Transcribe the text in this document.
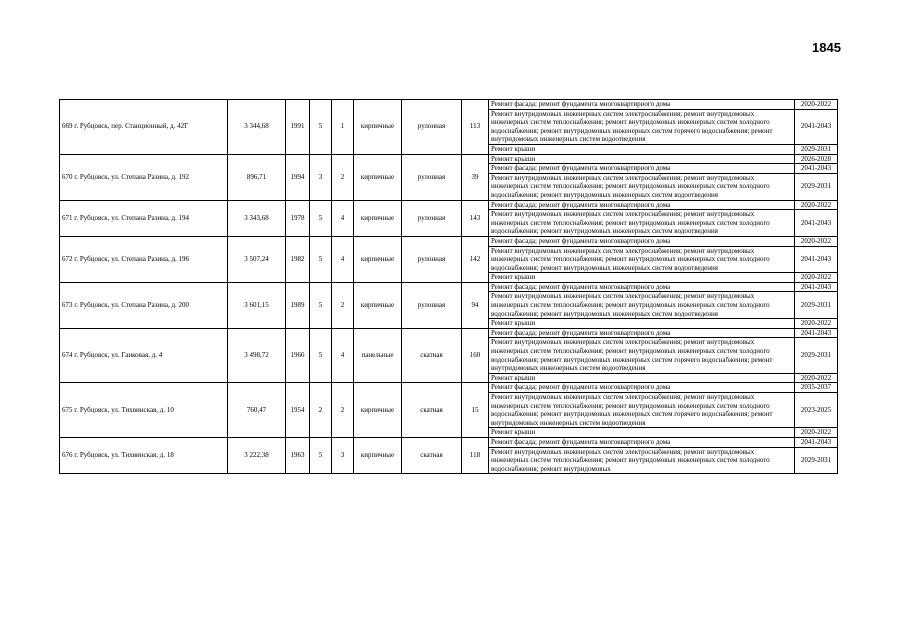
1845
669 г. Рубцовск, пер. Станционный, д. 42Г	3 344,68	1991	5	1	кирпичные	рулонная	113	Ремонт фасада; ремонт фундамента многоквартирного дома	2020-2022
								Ремонт внутридомовых инженерных систем электроснабжения; ремонт внутридомовых инженерных систем теплоснабжения; ремонт внутридомовых инженерных систем холодного водоснабжения; ремонт внутридомовых инженерных систем горячего водоснабжения; ремонт внутридомовых инженерных систем водоотведения	2041-2043
								Ремонт крыши	2029-2031
670 г. Рубцовск, ул. Степана Разина, д. 192	896,71	1994	3	2	кирпичные	рулонная	39	Ремонт крыши	2026-2028
								Ремонт фасада; ремонт фундамента многоквартирного дома	2041-2043
								Ремонт внутридомовых инженерных систем электроснабжения; ремонт внутридомовых инженерных систем теплоснабжения; ремонт внутридомовых инженерных систем холодного водоснабжения; ремонт внутридомовых инженерных систем водоотведения	2029-2031
671 г. Рубцовск, ул. Степана Разина, д. 194	3 343,68	1978	5	4	кирпичные	рулонная	143	Ремонт фасада; ремонт фундамента многоквартирного дома	2020-2022
								Ремонт внутридомовых инженерных систем электроснабжения; ремонт внутридомовых инженерных систем теплоснабжения; ремонт внутридомовых инженерных систем холодного водоснабжения; ремонт внутридомовых инженерных систем водоотведения	2041-2043
672 г. Рубцовск, ул. Степана Разина, д. 196	3 507,24	1982	5	4	кирпичные	рулонная	142	Ремонт фасада; ремонт фундамента многоквартирного дома	2020-2022
								Ремонт внутридомовых инженерных систем электроснабжения; ремонт внутридомовых инженерных систем теплоснабжения; ремонт внутридомовых инженерных систем холодного водоснабжения; ремонт внутридомовых инженерных систем водоотведения	2041-2043
								Ремонт крыши	2020-2022
673 г. Рубцовск, ул. Степана Разина, д. 200	3 601,15	1989	5	2	кирпичные	рулонная	94	Ремонт фасада; ремонт фундамента многоквартирного дома	2041-2043
								Ремонт внутридомовых инженерных систем электроснабжения; ремонт внутридомовых инженерных систем теплоснабжения; ремонт внутридомовых инженерных систем холодного водоснабжения; ремонт внутридомовых инженерных систем водоотведения	2029-2031
								Ремонт крыши	2020-2022
674 г. Рубцовск, ул. Ганковая, д. 4	3 498,72	1966	5	4	панельные	скатная	160	Ремонт фасада; ремонт фундамента многоквартирного дома	2041-2043
								Ремонт внутридомовых инженерных систем электроснабжения; ремонт внутридомовых инженерных систем теплоснабжения; ремонт внутридомовых инженерных систем холодного водоснабжения; ремонт внутридомовых инженерных систем горячего водоснабжения; ремонт внутридомовых инженерных систем водоотведения	2029-2031
								Ремонт крыши	2020-2022
675 г. Рубцовск, ул. Тихвинская, д. 10	760,47	1954	2	2	кирпичные	скатная	15	Ремонт фасада; ремонт фундамента многоквартирного дома	2035-2037
								Ремонт внутридомовых инженерных систем электроснабжения; ремонт внутридомовых инженерных систем теплоснабжения; ремонт внутридомовых инженерных систем холодного водоснабжения; ремонт внутридомовых инженерных систем горячего водоснабжения; ремонт внутридомовых инженерных систем водоотведения	2023-2025
								Ремонт крыши	2020-2022
676 г. Рубцовск, ул. Тихвинская, д. 18	3 222,38	1963	5	3	кирпичные	скатная	118	Ремонт фасада; ремонт фундамента многоквартирного дома	2041-2043
								Ремонт внутридомовых инженерных систем электроснабжения; ремонт внутридомовых инженерных систем теплоснабжения; ремонт внутридомовых инженерных систем холодного водоснабжения; ремонт внутридомовых	2029-2031
